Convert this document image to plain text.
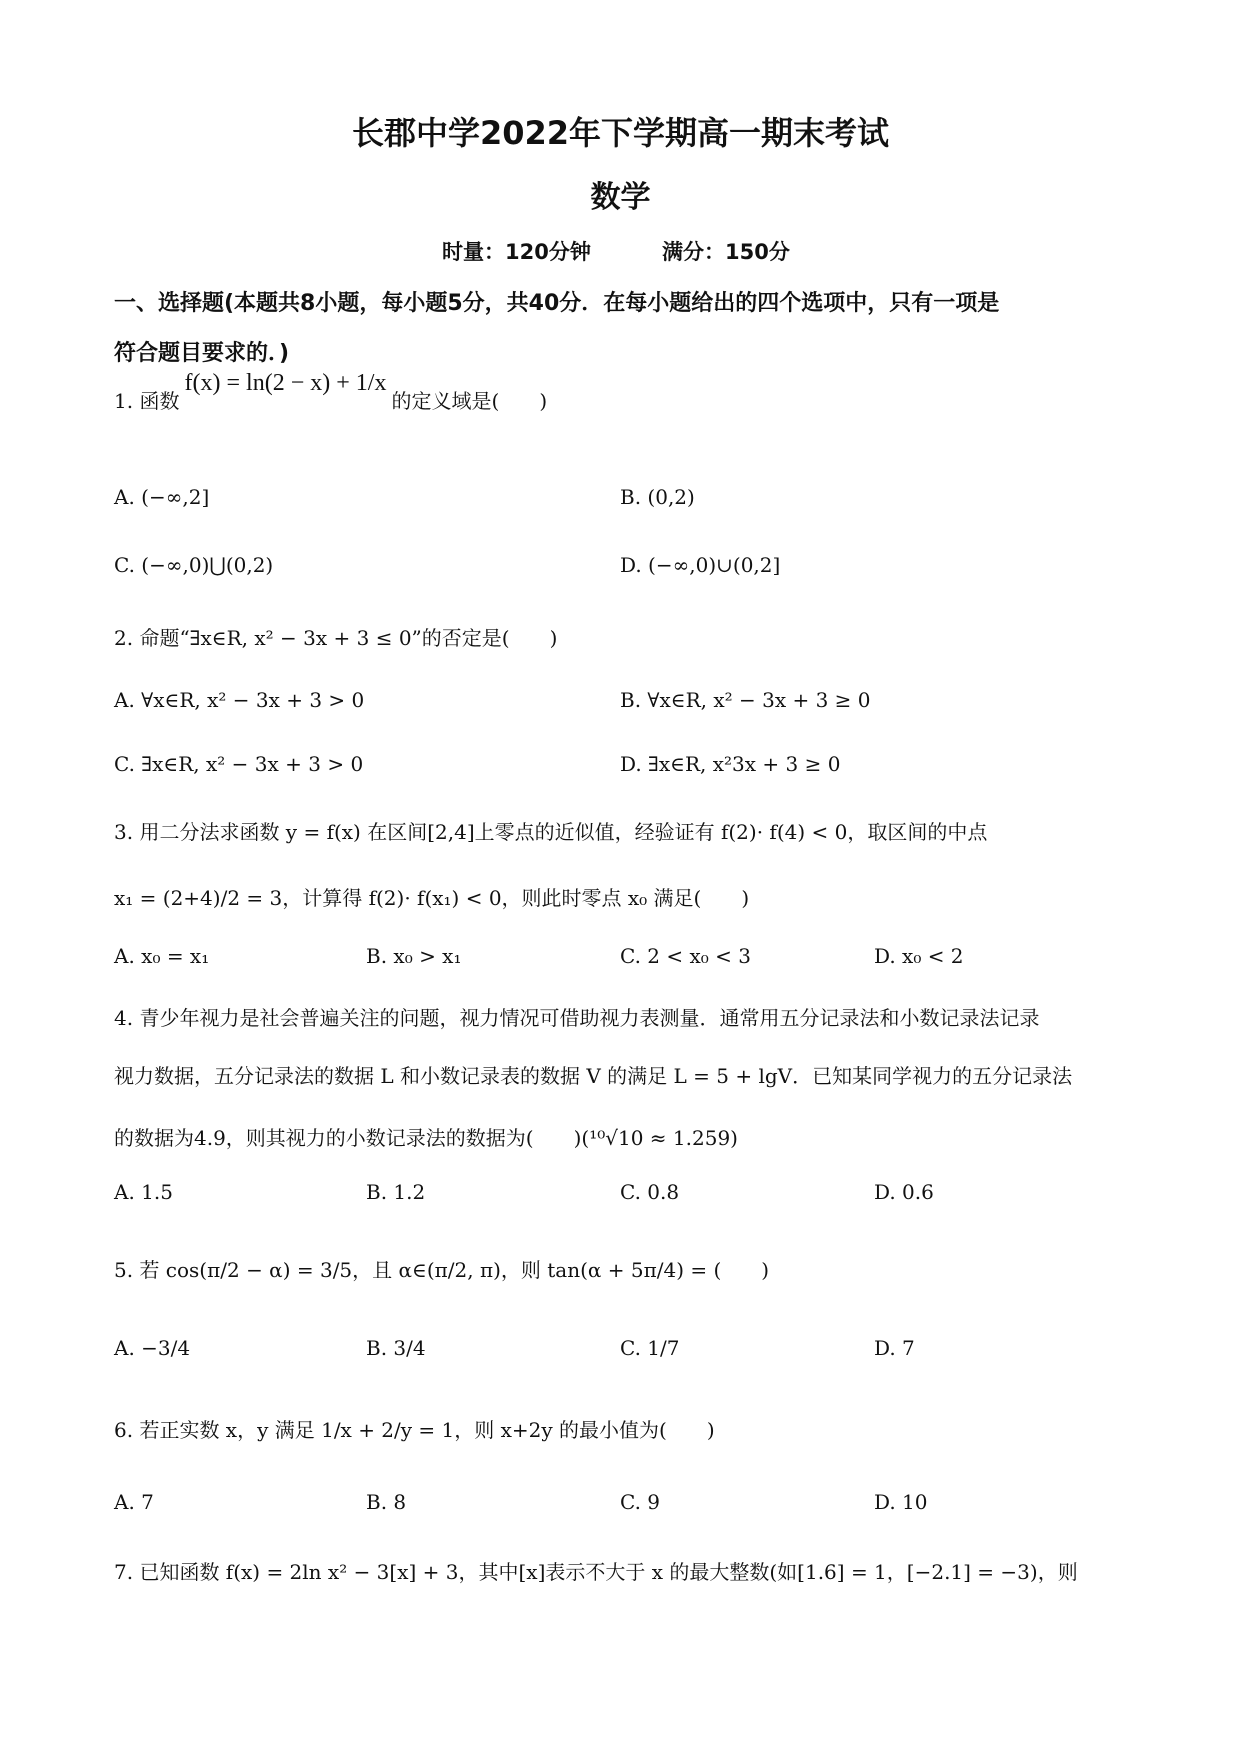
长郡中学2022年下学期高一期末考试
数学
时量：120分钟	满分：150分
一、选择题(本题共8小题，每小题5分，共40分．在每小题给出的四个选项中，只有一项是
符合题目要求的．)
1. 函数 f(x) = ln(2 − x) + 1/x 的定义域是(　　)
A. (−∞,2]	B. (0,2)
C. (−∞,0)⋃(0,2)	D. (−∞,0)∪(0,2]
2. 命题“∃x∈R, x² − 3x + 3 ≤ 0”的否定是(　　)
A. ∀x∈R, x² − 3x + 3 > 0	B. ∀x∈R, x² − 3x + 3 ≥ 0
C. ∃x∈R, x² − 3x + 3 > 0	D. ∃x∈R, x²3x + 3 ≥ 0
3. 用二分法求函数 y = f(x) 在区间[2,4]上零点的近似值，经验证有 f(2)· f(4) < 0，取区间的中点
x₁ = (2+4)/2 = 3，计算得 f(2)· f(x₁) < 0，则此时零点 x₀ 满足(　　)
A. x₀ = x₁	B. x₀ > x₁	C. 2 < x₀ < 3	D. x₀ < 2
4. 青少年视力是社会普遍关注的问题，视力情况可借助视力表测量．通常用五分记录法和小数记录法记录
视力数据，五分记录法的数据 L 和小数记录表的数据 V 的满足 L = 5 + lgV．已知某同学视力的五分记录法
的数据为4.9，则其视力的小数记录法的数据为(　　)(¹⁰√10 ≈ 1.259)
A. 1.5	B. 1.2	C. 0.8	D. 0.6
5. 若 cos(π/2 − α) = 3/5，且 α∈(π/2, π)，则 tan(α + 5π/4) = (　　)
A. −3/4	B. 3/4	C. 1/7	D. 7
6. 若正实数 x，y 满足 1/x + 2/y = 1，则 x+2y 的最小值为(　　)
A. 7	B. 8	C. 9	D. 10
7. 已知函数 f(x) = 2ln x² − 3[x] + 3，其中[x]表示不大于 x 的最大整数(如[1.6] = 1，[−2.1] = −3)，则
